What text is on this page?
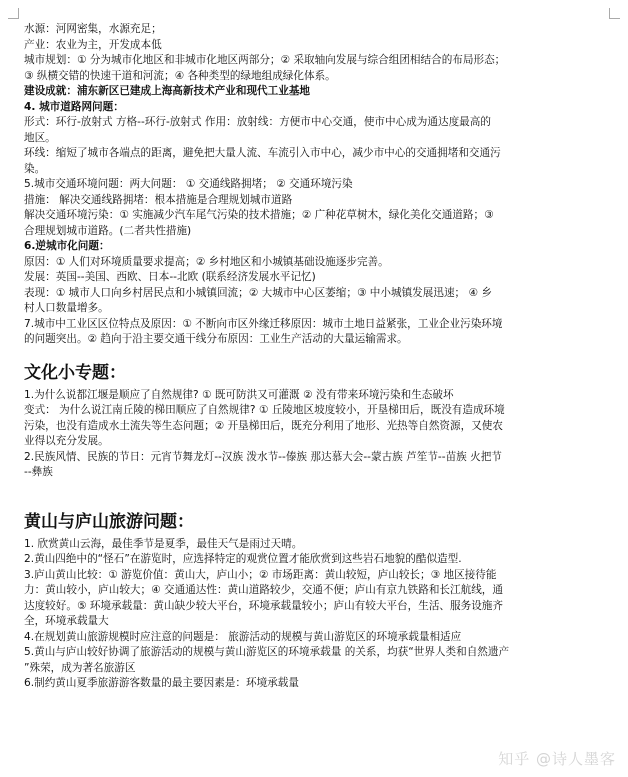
水源：河网密集，水源充足；
产业：农业为主，开发成本低
城市规划：① 分为城市化地区和非城市化地区两部分；② 采取轴向发展与综合组团相结合的布局形态；
③ 纵横交错的快速干道和河流；④ 各种类型的绿地组成绿化体系。
建设成就：浦东新区已建成上海高新技术产业和现代工业基地
4. 城市道路网问题：
形式：环行-放射式 方格--环行-放射式 作用：放射线：方便市中心交通，使市中心成为通达度最高的
地区。
环线：缩短了城市各端点的距离，避免把大量人流、车流引入市中心，减少市中心的交通拥堵和交通污
染。
5.城市交通环境问题：两大问题： ① 交通线路拥堵； ② 交通环境污染
措施： 解决交通线路拥堵：根本措施是合理规划城市道路
解决交通环境污染：① 实施减少汽车尾气污染的技术措施；② 广种花草树木，绿化美化交通道路；③
合理规划城市道路。(二者共性措施)
6.逆城市化问题：
原因：① 人们对环境质量要求提高；② 乡村地区和小城镇基础设施逐步完善。
发展：英国--美国、西欧、日本--北欧 (联系经济发展水平记忆)
表现：① 城市人口向乡村居民点和小城镇回流；② 大城市中心区萎缩；③ 中小城镇发展迅速； ④ 乡
村人口数量增多。
7.城市中工业区区位特点及原因：① 不断向市区外缘迁移原因：城市土地日益紧张，工业企业污染环境
的问题突出。② 趋向于沿主要交通干线分布原因：工业生产活动的大量运输需求。
文化小专题：
1.为什么说都江堰是顺应了自然规律? ① 既可防洪又可灌溉 ② 没有带来环境污染和生态破坏
变式： 为什么说江南丘陵的梯田顺应了自然规律? ① 丘陵地区坡度较小，开垦梯田后，既没有造成环境
污染，也没有造成水土流失等生态问题；② 开垦梯田后，既充分利用了地形、光热等自然资源，又使农
业得以充分发展。
2.民族风情、民族的节日：元宵节舞龙灯--汉族 泼水节--傣族 那达慕大会--蒙古族 芦笙节--苗族 火把节
--彝族
黄山与庐山旅游问题：
1. 欣赏黄山云海，最佳季节是夏季，最佳天气是雨过天晴。
2.黄山四绝中的“怪石”在游览时，应选择特定的观赏位置才能欣赏到这些岩石地貌的酷似造型.
3.庐山黄山比较：① 游览价值：黄山大，庐山小；② 市场距离：黄山较短，庐山较长；③ 地区接待能
力：黄山较小，庐山较大；④ 交通通达性：黄山道路较少，交通不便；庐山有京九铁路和长江航线，通
达度较好。⑤ 环境承载量：黄山缺少较大平台，环境承载量较小；庐山有较大平台，生活、服务设施齐
全，环境承载量大
4.在规划黄山旅游规模时应注意的问题是： 旅游活动的规模与黄山游览区的环境承载量相适应
5.黄山与庐山较好协调了旅游活动的规模与黄山游览区的环境承载量 的关系，均获“世界人类和自然遗产
”殊荣，成为著名旅游区
6.制约黄山夏季旅游游客数量的最主要因素是：环境承载量
知乎 @诗人墨客
